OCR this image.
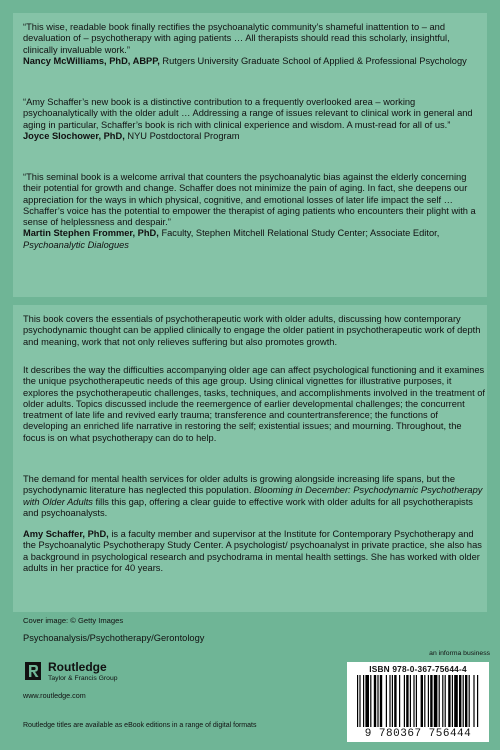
“This wise, readable book finally rectifies the psychoanalytic community’s shameful inattention to – and devaluation of – psychotherapy with aging patients … All therapists should read this scholarly, insightful, clinically invaluable work.”
Nancy McWilliams, PhD, ABPP, Rutgers University Graduate School of Applied & Professional Psychology

“Amy Schaffer’s new book is a distinctive contribution to a frequently overlooked area – working psychoanalytically with the older adult … Addressing a range of issues relevant to clinical work in general and aging in particular, Schaffer’s book is rich with clinical experience and wisdom. A must-read for all of us.”
Joyce Slochower, PhD, NYU Postdoctoral Program

“This seminal book is a welcome arrival that counters the psychoanalytic bias against the elderly concerning their potential for growth and change. Schaffer does not minimize the pain of aging. In fact, she deepens our appreciation for the ways in which physical, cognitive, and emotional losses of later life impact the self … Schaffer’s voice has the potential to empower the therapist of aging patients who encounters their plight with a sense of helplessness and despair.”
Martin Stephen Frommer, PhD, Faculty, Stephen Mitchell Relational Study Center; Associate Editor, Psychoanalytic Dialogues

This book covers the essentials of psychotherapeutic work with older adults, discussing how contemporary psychodynamic thought can be applied clinically to engage the older patient in psychotherapeutic work of depth and meaning, work that not only relieves suffering but also promotes growth.

It describes the way the difficulties accompanying older age can affect psychological functioning and it examines the unique psychotherapeutic needs of this age group. Using clinical vignettes for illustrative purposes, it explores the psychotherapeutic challenges, tasks, techniques, and accomplishments involved in the treatment of older adults. Topics discussed include the reemergence of earlier developmental challenges; the concurrent treatment of late life and revived early trauma; transference and countertransference; the functions of developing an enriched life narrative in restoring the self; existential issues; and mourning. Throughout, the focus is on what psychotherapy can do to help.

The demand for mental health services for older adults is growing alongside increasing life spans, but the psychodynamic literature has neglected this population. Blooming in December: Psychodynamic Psychotherapy with Older Adults fills this gap, offering a clear guide to effective work with older adults for all psychotherapists and psychoanalysts.

Amy Schaffer, PhD, is a faculty member and supervisor at the Institute for Contemporary Psychotherapy and the Psychoanalytic Psychotherapy Study Center. A psychologist/ psychoanalyst in private practice, she also has a background in psychological research and psychodrama in mental health settings. She has worked with older adults in her practice for 40 years.

Cover image: © Getty Images
Psychoanalysis/Psychotherapy/Gerontology
Routledge
Taylor & Francis Group
www.routledge.com
an informa business
ISBN 978-0-367-75644-4
9 780367 756444
Routledge titles are available as eBook editions in a range of digital formats
